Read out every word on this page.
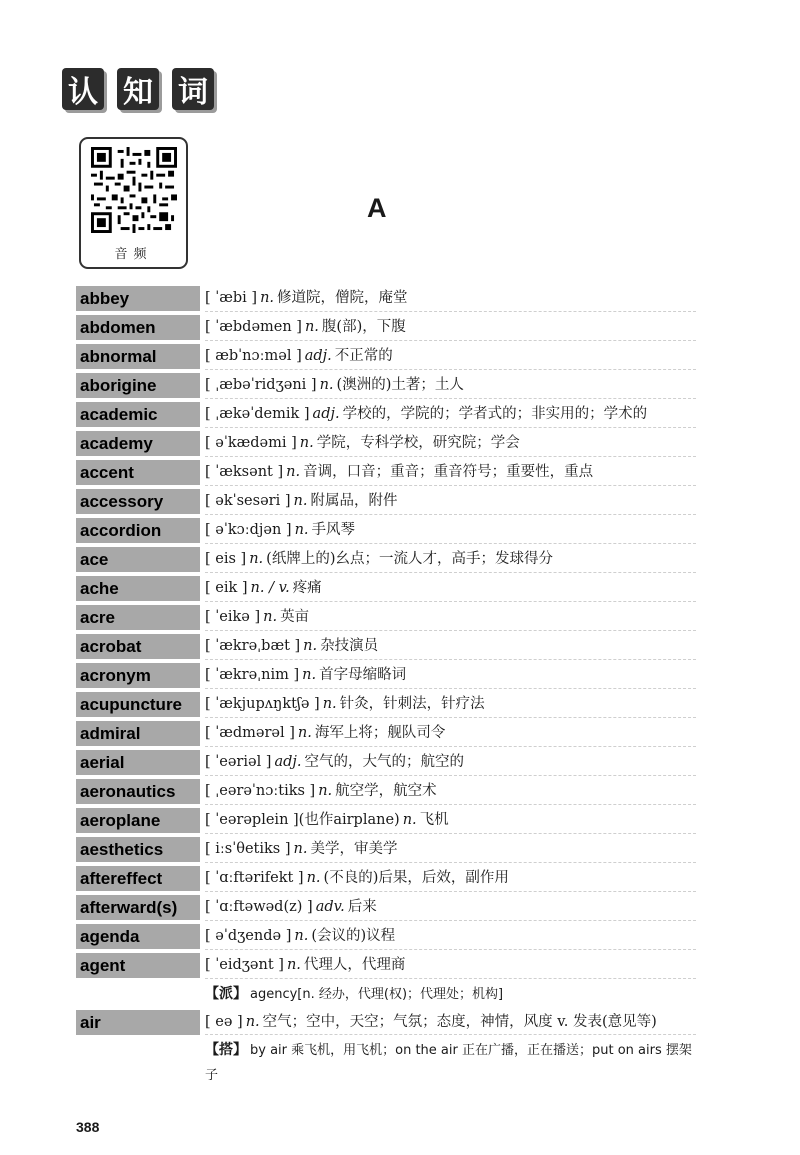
认 知 词
音频
A
abbey	[ ˈæbi ] n. 修道院，僧院，庵堂
abdomen	[ ˈæbdəmen ] n. 腹(部)，下腹
abnormal	[ æbˈnɔːməl ] adj. 不正常的
aborigine	[ ˌæbəˈridʒəni ] n. (澳洲的)土著；土人
academic	[ ˌækəˈdemik ] adj. 学校的，学院的；学者式的；非实用的；学术的
academy	[ əˈkædəmi ] n. 学院，专科学校，研究院；学会
accent	[ ˈæksənt ] n. 音调，口音；重音；重音符号；重要性，重点
accessory	[ əkˈsesəri ] n. 附属品，附件
accordion	[ əˈkɔːdjən ] n. 手风琴
ace	[ eis ] n. (纸牌上的)幺点；一流人才，高手；发球得分
ache	[ eik ] n. / v. 疼痛
acre	[ ˈeikə ] n. 英亩
acrobat	[ ˈækrəˌbæt ] n. 杂技演员
acronym	[ ˈækrəˌnim ] n. 首字母缩略词
acupuncture	[ ˈækjupʌŋktʃə ] n. 针灸，针刺法，针疗法
admiral	[ ˈædmərəl ] n. 海军上将；舰队司令
aerial	[ ˈeəriəl ] adj. 空气的，大气的；航空的
aeronautics	[ ˌeərəˈnɔːtiks ] n. 航空学，航空术
aeroplane	[ ˈeərəplein ](也作airplane) n. 飞机
aesthetics	[ iːsˈθetiks ] n. 美学，审美学
aftereffect	[ ˈɑːftərifekt ] n. (不良的)后果，后效，副作用
afterward(s)	[ ˈɑːftəwəd(z) ] adv. 后来
agenda	[ əˈdʒendə ] n. (会议的)议程
agent	[ ˈeidʒənt ] n. 代理人，代理商
【派】 agency[n. 经办，代理(权)；代理处；机构]
air	[ eə ] n. 空气；空中，天空；气氛；态度，神情，风度 v. 发表(意见等)
【搭】 by air 乘飞机，用飞机；on the air 正在广播，正在播送；put on airs 摆架子
388
